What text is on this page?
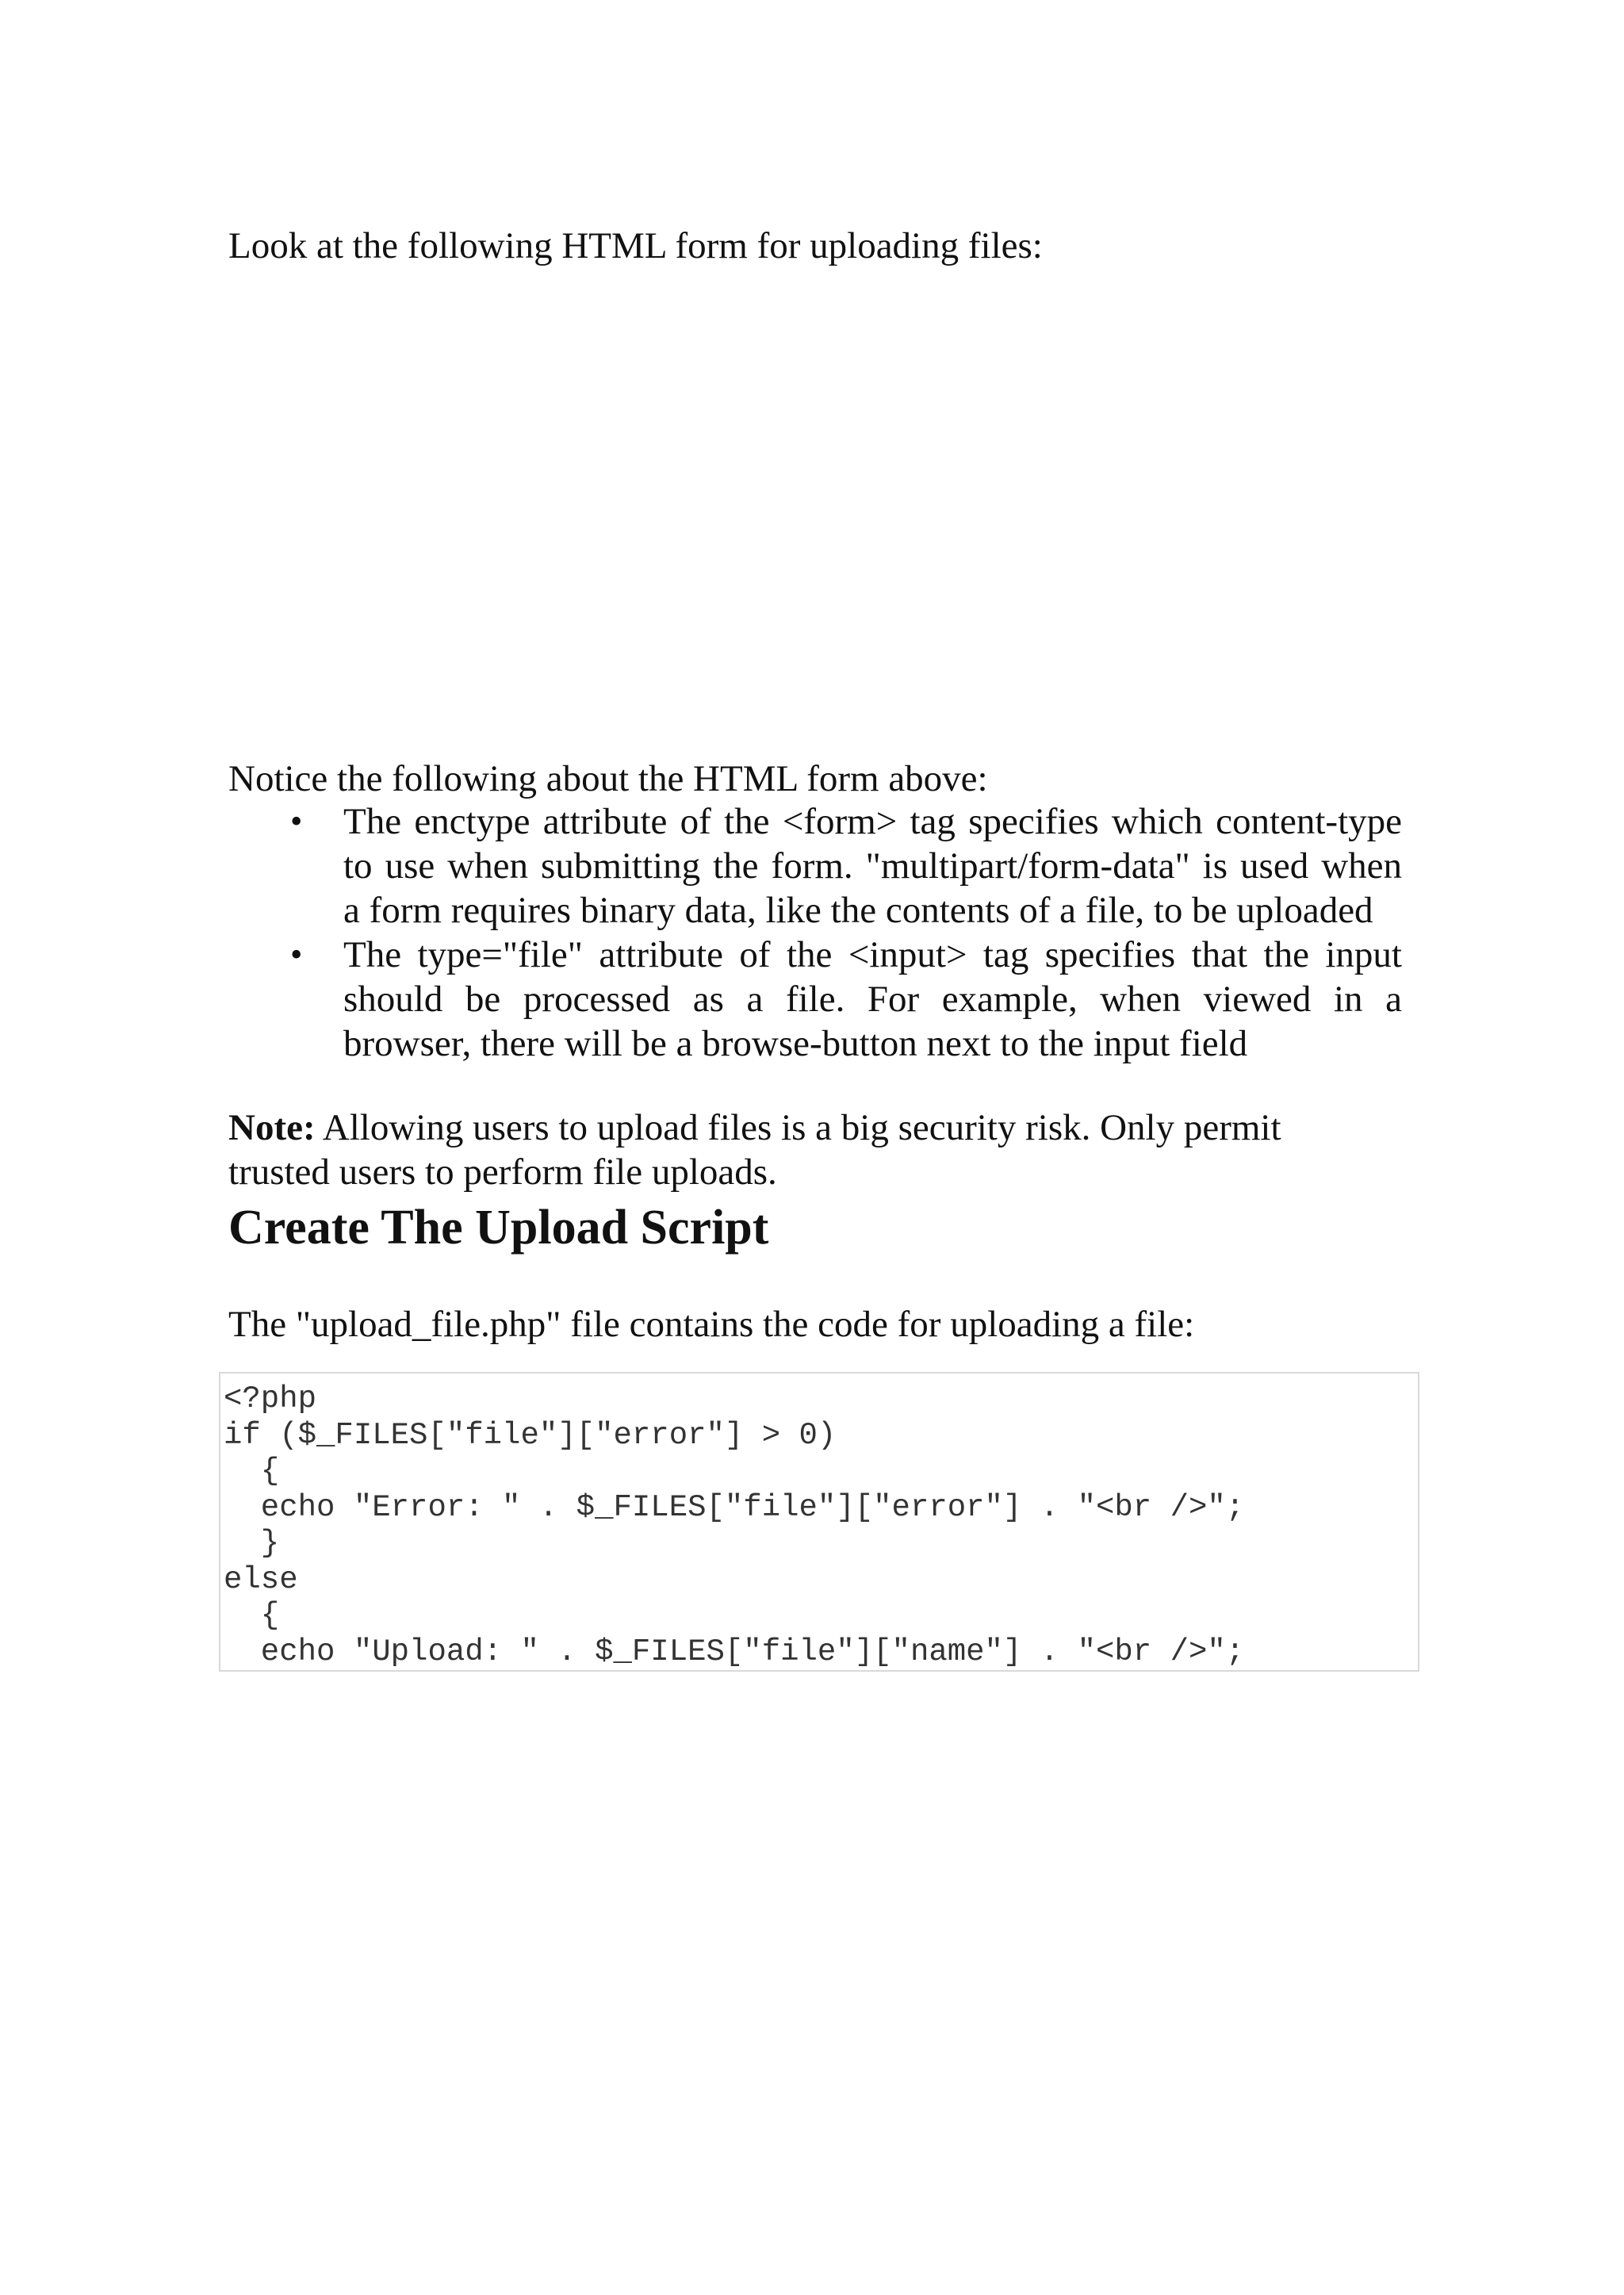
Look at the following HTML form for uploading files:

Notice the following about the HTML form above:

• The enctype attribute of the <form> tag specifies which content-type
to use when submitting the form. "multipart/form-data" is used when
a form requires binary data, like the contents of a file, to be uploaded
• The type="file" attribute of the <input> tag specifies that the input
should be processed as a file. For example, when viewed in a
browser, there will be a browse-button next to the input field

Note: Allowing users to upload files is a big security risk. Only permit
trusted users to perform file uploads.

Create The Upload Script

The "upload_file.php" file contains the code for uploading a file:

<?php
if ($_FILES["file"]["error"] > 0)
{
echo "Error: " . $_FILES["file"]["error"] . "<br />";
}
else
{
echo "Upload: " . $_FILES["file"]["name"] . "<br />";
